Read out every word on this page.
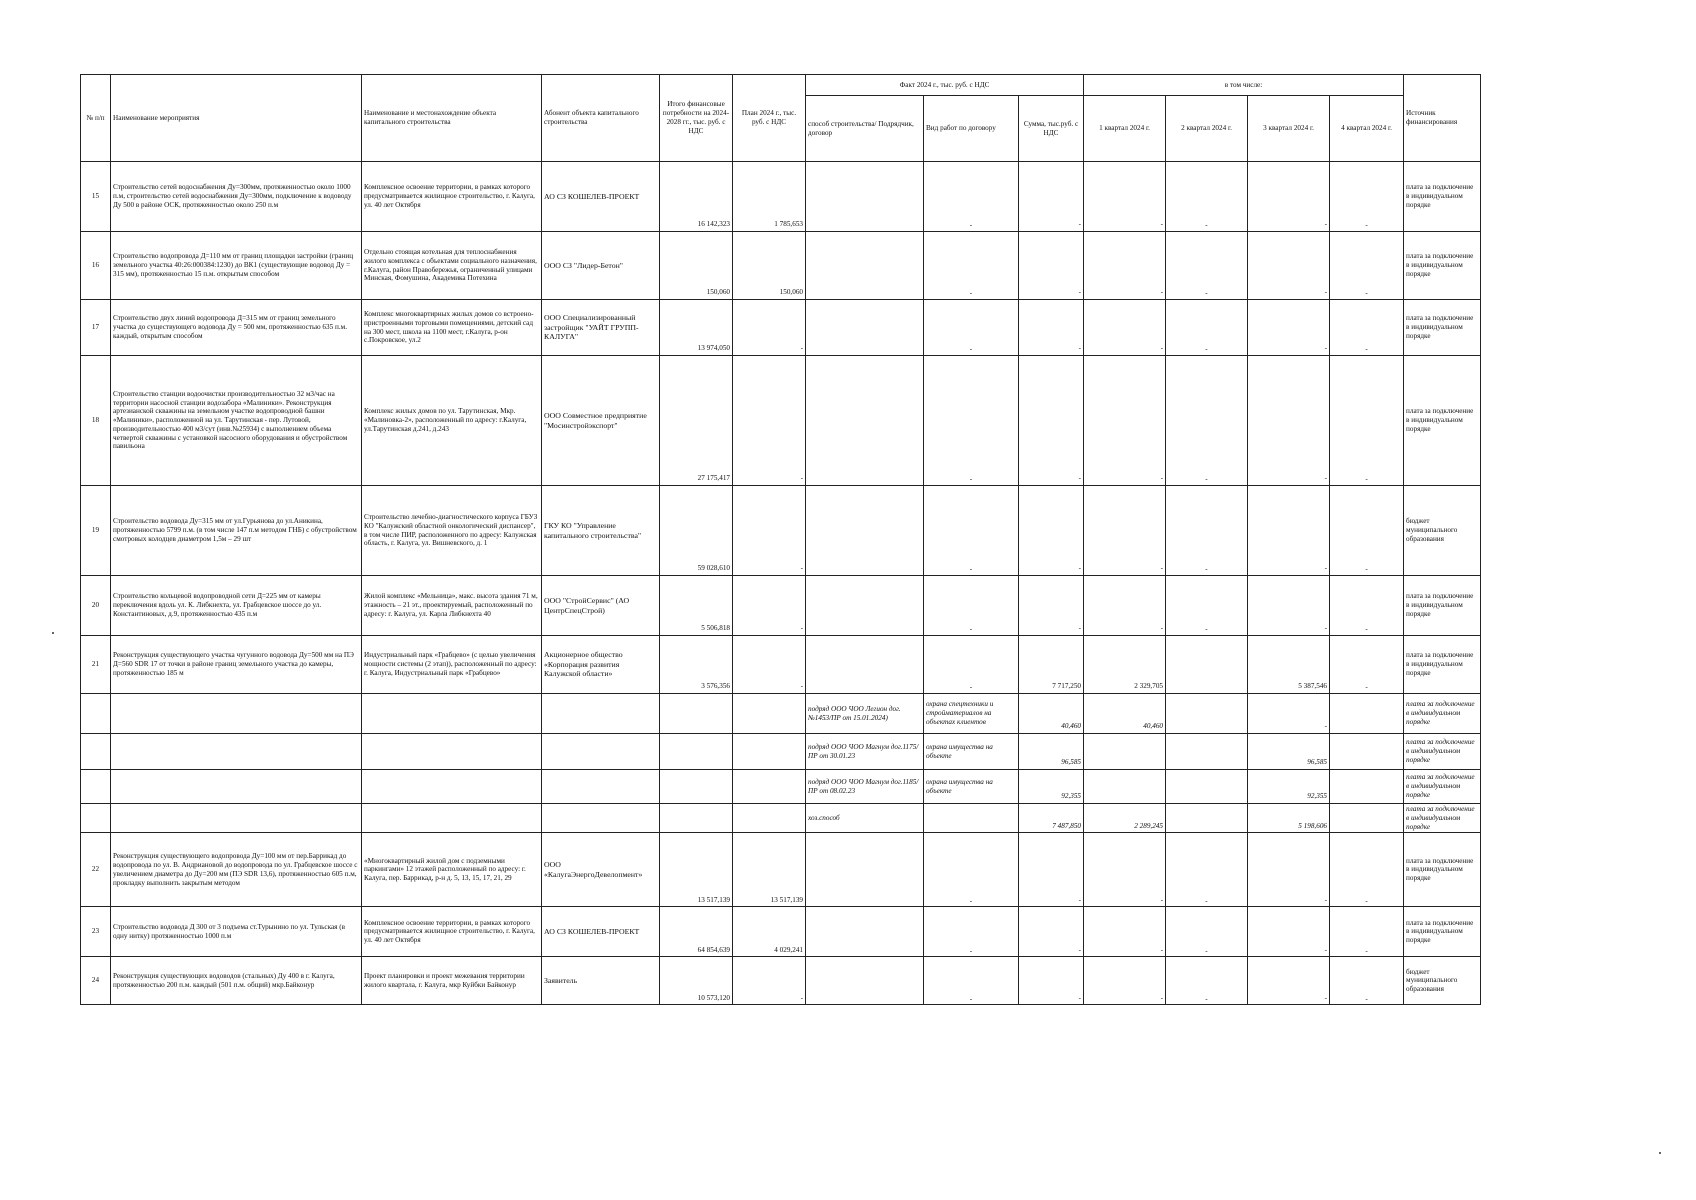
№ п/п	Наименование мероприятия	Наименование и местонахождение объекта капитального строительства	Абонент объекта капитального строительства	Итого финансовые потребности на 2024-2028 гг., тыс. руб. с НДС	План 2024 г., тыс. руб. с НДС	Факт 2024 г., тыс. руб. с НДС			в том числе:				Источник финансирования
						способ строительства/ Подрядчик, договор	Вид работ по договору	Сумма, тыс.руб. с НДС	1 квартал 2024 г.	2 квартал 2024 г.	3 квартал 2024 г.	4 квартал 2024 г.	
15	Строительство сетей водоснабжения Ду=300мм, протяженностью около 1000 п.м, строительство сетей водоснабжения Ду=300мм, подключение к водоводу Ду 500 в районе ОСК, протяженностью около 250 п.м	Комплексное освоение территории, в рамках которого предусматривается жилищное строительство, г. Калуга, ул. 40 лет Октября	АО СЗ КОШЕЛЕВ-ПРОЕКТ	16 142,323	1 785,653		-	-	-	-	-	-	плата за подключение в индивидуальном порядке
16	Строительство водопровода Д=110 мм от границ площадки застройки (границ земельного участка 40:26:000384:1230) до ВК1 (существующие водовод Ду = 315 мм), протяженностью 15 п.м. открытым способом	Отдельно стоящая котельная для теплоснабжения жилого комплекса с объектами социального назначения, г.Калуга, район Правобережья, ограниченный улицами Минская, Фомушина, Академика Потехина	ООО СЗ "Лидер-Бетон"	150,060	150,060		-	-	-	-	-	-	плата за подключение в индивидуальном порядке
17	Строительство двух линий водопровода Д=315 мм от границ земельного участка до существующего водовода Ду = 500 мм, протяженностью 635 п.м. каждый, открытым способом	Комплекс многоквартирных жилых домов со встроено-пристроенными торговыми помещениями, детский сад на 300 мест, школа на 1100 мест, г.Калуга, р-он с.Покровское, ул.2	ООО Специализированный застройщик "УАЙТ ГРУПП-КАЛУГА"	13 974,050	-		-	-	-	-	-	-	плата за подключение в индивидуальном порядке
18	Строительство станции водоочистки производительностью 32 м3/час на территории насосной станции водозабора «Малиники». Реконструкция артезианской скважины на земельном участке водопроводной башни «Малиники», расположенной на ул. Тарутинская - пер. Лутовой, производительностью 400 м3/сут (инв.№25934) с выполнением объема четвертой скважины с установкой насосного оборудования и обустройством павильона	Комплекс жилых домов по ул. Тарутинская, Мкр. «Малиновка-2», расположенный по адресу: г.Калуга, ул.Тарутинская д.241, д.243	ООО Совместное предприятие "Мосинстройэкспорт"	27 175,417	-		-	-	-	-	-	-	плата за подключение в индивидуальном порядке
19	Строительство водовода Ду=315 мм от ул.Гурьянова до ул.Аникина, протяженностью 5799 п.м. (в том числе 147 п.м методом ГНБ) с обустройством смотровых колодцев диаметром 1,5м – 29 шт	Строительство лечебно-диагностического корпуса ГБУЗ КО "Калужский областной онкологический диспансер", в том числе ПИР, расположенного по адресу: Калужская область, г. Калуга, ул. Вишневского, д. 1	ГКУ КО "Управление капитального строительства"	59 028,610	-		-	-	-	-	-	-	бюджет муниципального образования
20	Строительство кольцевой водопроводной сети Д=225 мм от камеры переключения вдоль ул. К. Либкнехта, ул. Грабцевское шоссе до ул. Константиновых, д.9, протяженностью 435 п.м	Жилой комплекс «Мельница», макс. высота здания 71 м, этажность – 21 эт., проектируемый, расположенный по адресу: г. Калуга, ул. Карла Либкнехта 40	ООО "СтройСервис" (АО ЦентрСпецСтрой)	5 506,818	-		-	-	-	-	-	-	плата за подключение в индивидуальном порядке
21	Реконструкция существующего участка чугунного водовода Ду=500 мм на ПЭ Д=560 SDR 17 от точки в районе границ земельного участка до камеры, протяженностью 185 м	Индустриальный парк «Грабцево» (с целью увеличения мощности системы (2 этап)), расположенный по адресу: г. Калуга, Индустриальный парк «Грабцево»	Акционерное общество «Корпорация развития Калужской области»	3 576,356	-		-	7 717,250	2 329,705		5 387,546	-	плата за подключение в индивидуальном порядке
						подряд ООО ЧОО Легион дог.№1453/ПР от 15.01.2024)	охрана спецтехники и стройматериалов на объектах клиентов	40,460	40,460		-		плата за подключение в индивидуальном порядке
						подряд ООО ЧОО Магнум дог.1175/ПР от 30.01.23	охрана имущества на объекте	96,585			96,585		плата за подключение в индивидуальном порядке
						подряд ООО ЧОО Магнум дог.1185/ПР от 08.02.23	охрана имущества на объекте	92,355			92,355		плата за подключение в индивидуальном порядке
						хоз.способ		7 487,850	2 289,245		5 198,606		плата за подключение в индивидуальном порядке
22	Реконструкция существующего водопровода Ду=100 мм от пер.Баррикад до водопровода по ул. В. Андриановой до водопровода по ул. Грабцевское шоссе с увеличением диаметра до Ду=200 мм (ПЭ SDR 13,6), протяженностью 605 п.м, прокладку выполнить закрытым методом	«Многоквартирный жилой дом с подземными паркингами» 12 этажей расположенный по адресу: г. Калуга, пер. Баррикад, р-н д. 5, 13, 15, 17, 21, 29	ООО «КалугаЭнергоДевелопмент»	13 517,139	13 517,139		-	-	-	-	-	-	плата за подключение в индивидуальном порядке
23	Строительство водовода Д 300 от 3 подъема ст.Турынино по ул. Тульская (в одну нитку) протяженностью 1000 п.м	Комплексное освоение территории, в рамках которого предусматривается жилищное строительство, г. Калуга, ул. 40 лет Октября	АО СЗ КОШЕЛЕВ-ПРОЕКТ	64 854,639	4 029,241		-	-	-	-	-	-	плата за подключение в индивидуальном порядке
24	Реконструкция существующих водоводов (стальных) Ду 400 в г. Калуга, протяженностью 200 п.м. каждый (501 п.м. общий) мкр.Байконур	Проект планировки и проект межевания территории жилого квартала, г. Калуга, мкр Куйбки Байконур	Заявитель	10 573,120	-		-	-	-	-	-	-	бюджет муниципального образования
